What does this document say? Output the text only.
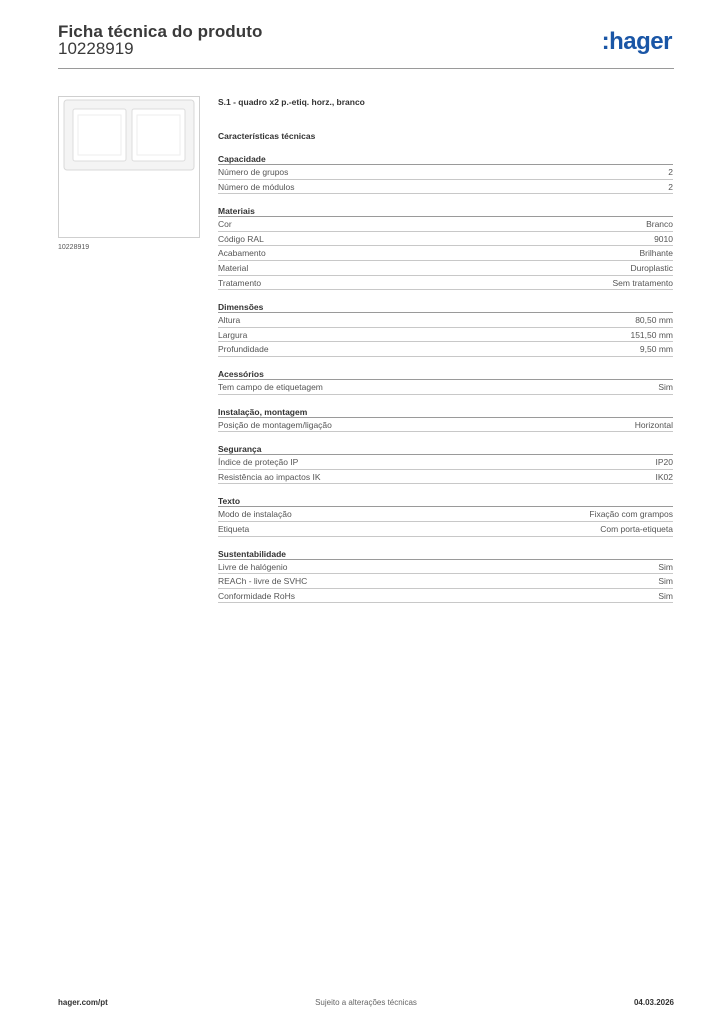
Ficha técnica do produto
10228919	:hager
10228919
S.1 - quadro x2 p.-etiq. horz., branco
Características técnicas
Capacidade
Número de grupos	2
Número de módulos	2
Materiais
Cor	Branco
Código RAL	9010
Acabamento	Brilhante
Material	Duroplastic
Tratamento	Sem tratamento
Dimensões
Altura	80,50 mm
Largura	151,50 mm
Profundidade	9,50 mm
Acessórios
Tem campo de etiquetagem	Sim
Instalação, montagem
Posição de montagem/ligação	Horizontal
Segurança
Índice de proteção IP	IP20
Resistência ao impactos IK	IK02
Texto
Modo de instalação	Fixação com grampos
Etiqueta	Com porta-etiqueta
Sustentabilidade
Livre de halógenio	Sim
REACh - livre de SVHC	Sim
Conformidade RoHs	Sim
hager.com/pt	Sujeito a alterações técnicas	04.03.2026
